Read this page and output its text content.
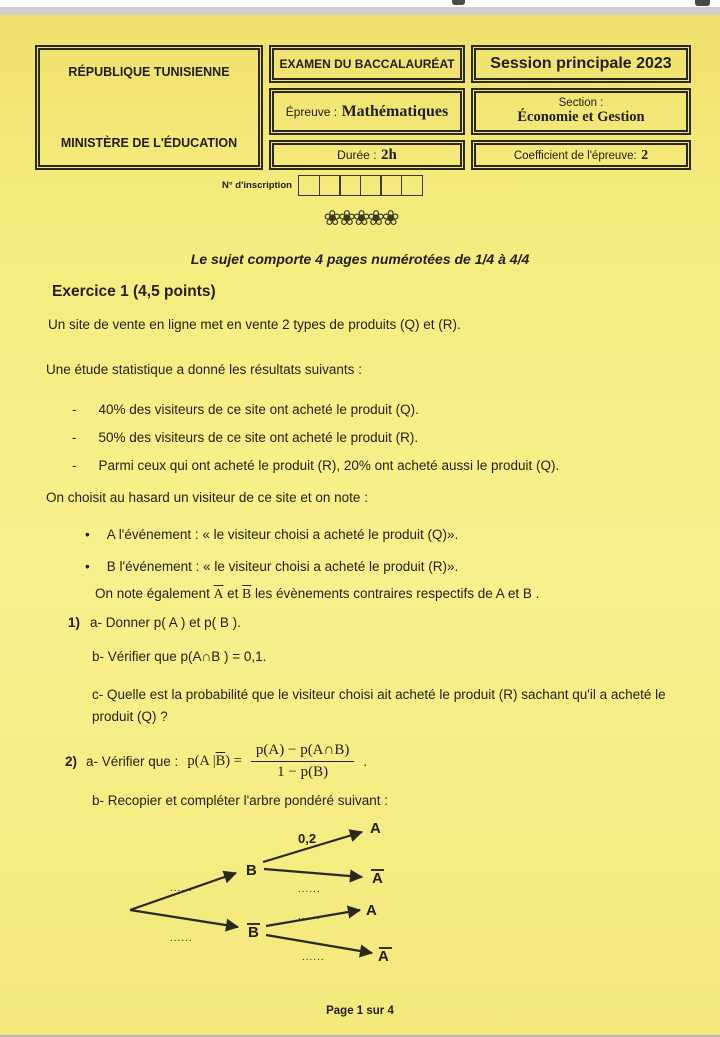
RÉPUBLIQUE TUNISIENNE
MINISTÈRE DE L'ÉDUCATION
EXAMEN DU BACCALAURÉAT
Épreuve : Mathématiques
Durée : 2h
Session principale 2023
Section :
Économie et Gestion
Coefficient de l'épreuve: 2
N° d'inscription
❀❀❀❀❀
Le sujet comporte 4 pages numérotées de 1/4 à 4/4
Exercice 1 (4,5 points)
Un site de vente en ligne met en vente 2 types de produits (Q) et (R).
Une étude statistique a donné les résultats suivants :
- 40% des visiteurs de ce site ont acheté le produit (Q).
- 50% des visiteurs de ce site ont acheté le produit (R).
- Parmi ceux qui ont acheté le produit (R), 20% ont acheté aussi le produit (Q).
On choisit au hasard un visiteur de ce site et on note :
• A l'événement : « le visiteur choisi a acheté le produit (Q)».
• B l'événement : « le visiteur choisi a acheté le produit (R)».
On note également $\overline{A}$ et $\overline{B}$ les évènements contraires respectifs de A et B .
1) a- Donner p( A ) et p( B ).
b- Vérifier que p(A∩B ) = 0,1.
c- Quelle est la probabilité que le visiteur choisi ait acheté le produit (R) sachant qu'il a acheté le produit (Q) ?
2) a- Vérifier que : p(A $|\overline{B}) = \frac{p(A) - p(A\cap B)}{1 - p(B)}$ .
b- Recopier et compléter l'arbre pondéré suivant :
B
B
A
A
A
A
0,2
......
......
......
......
......
Page 1 sur 4
